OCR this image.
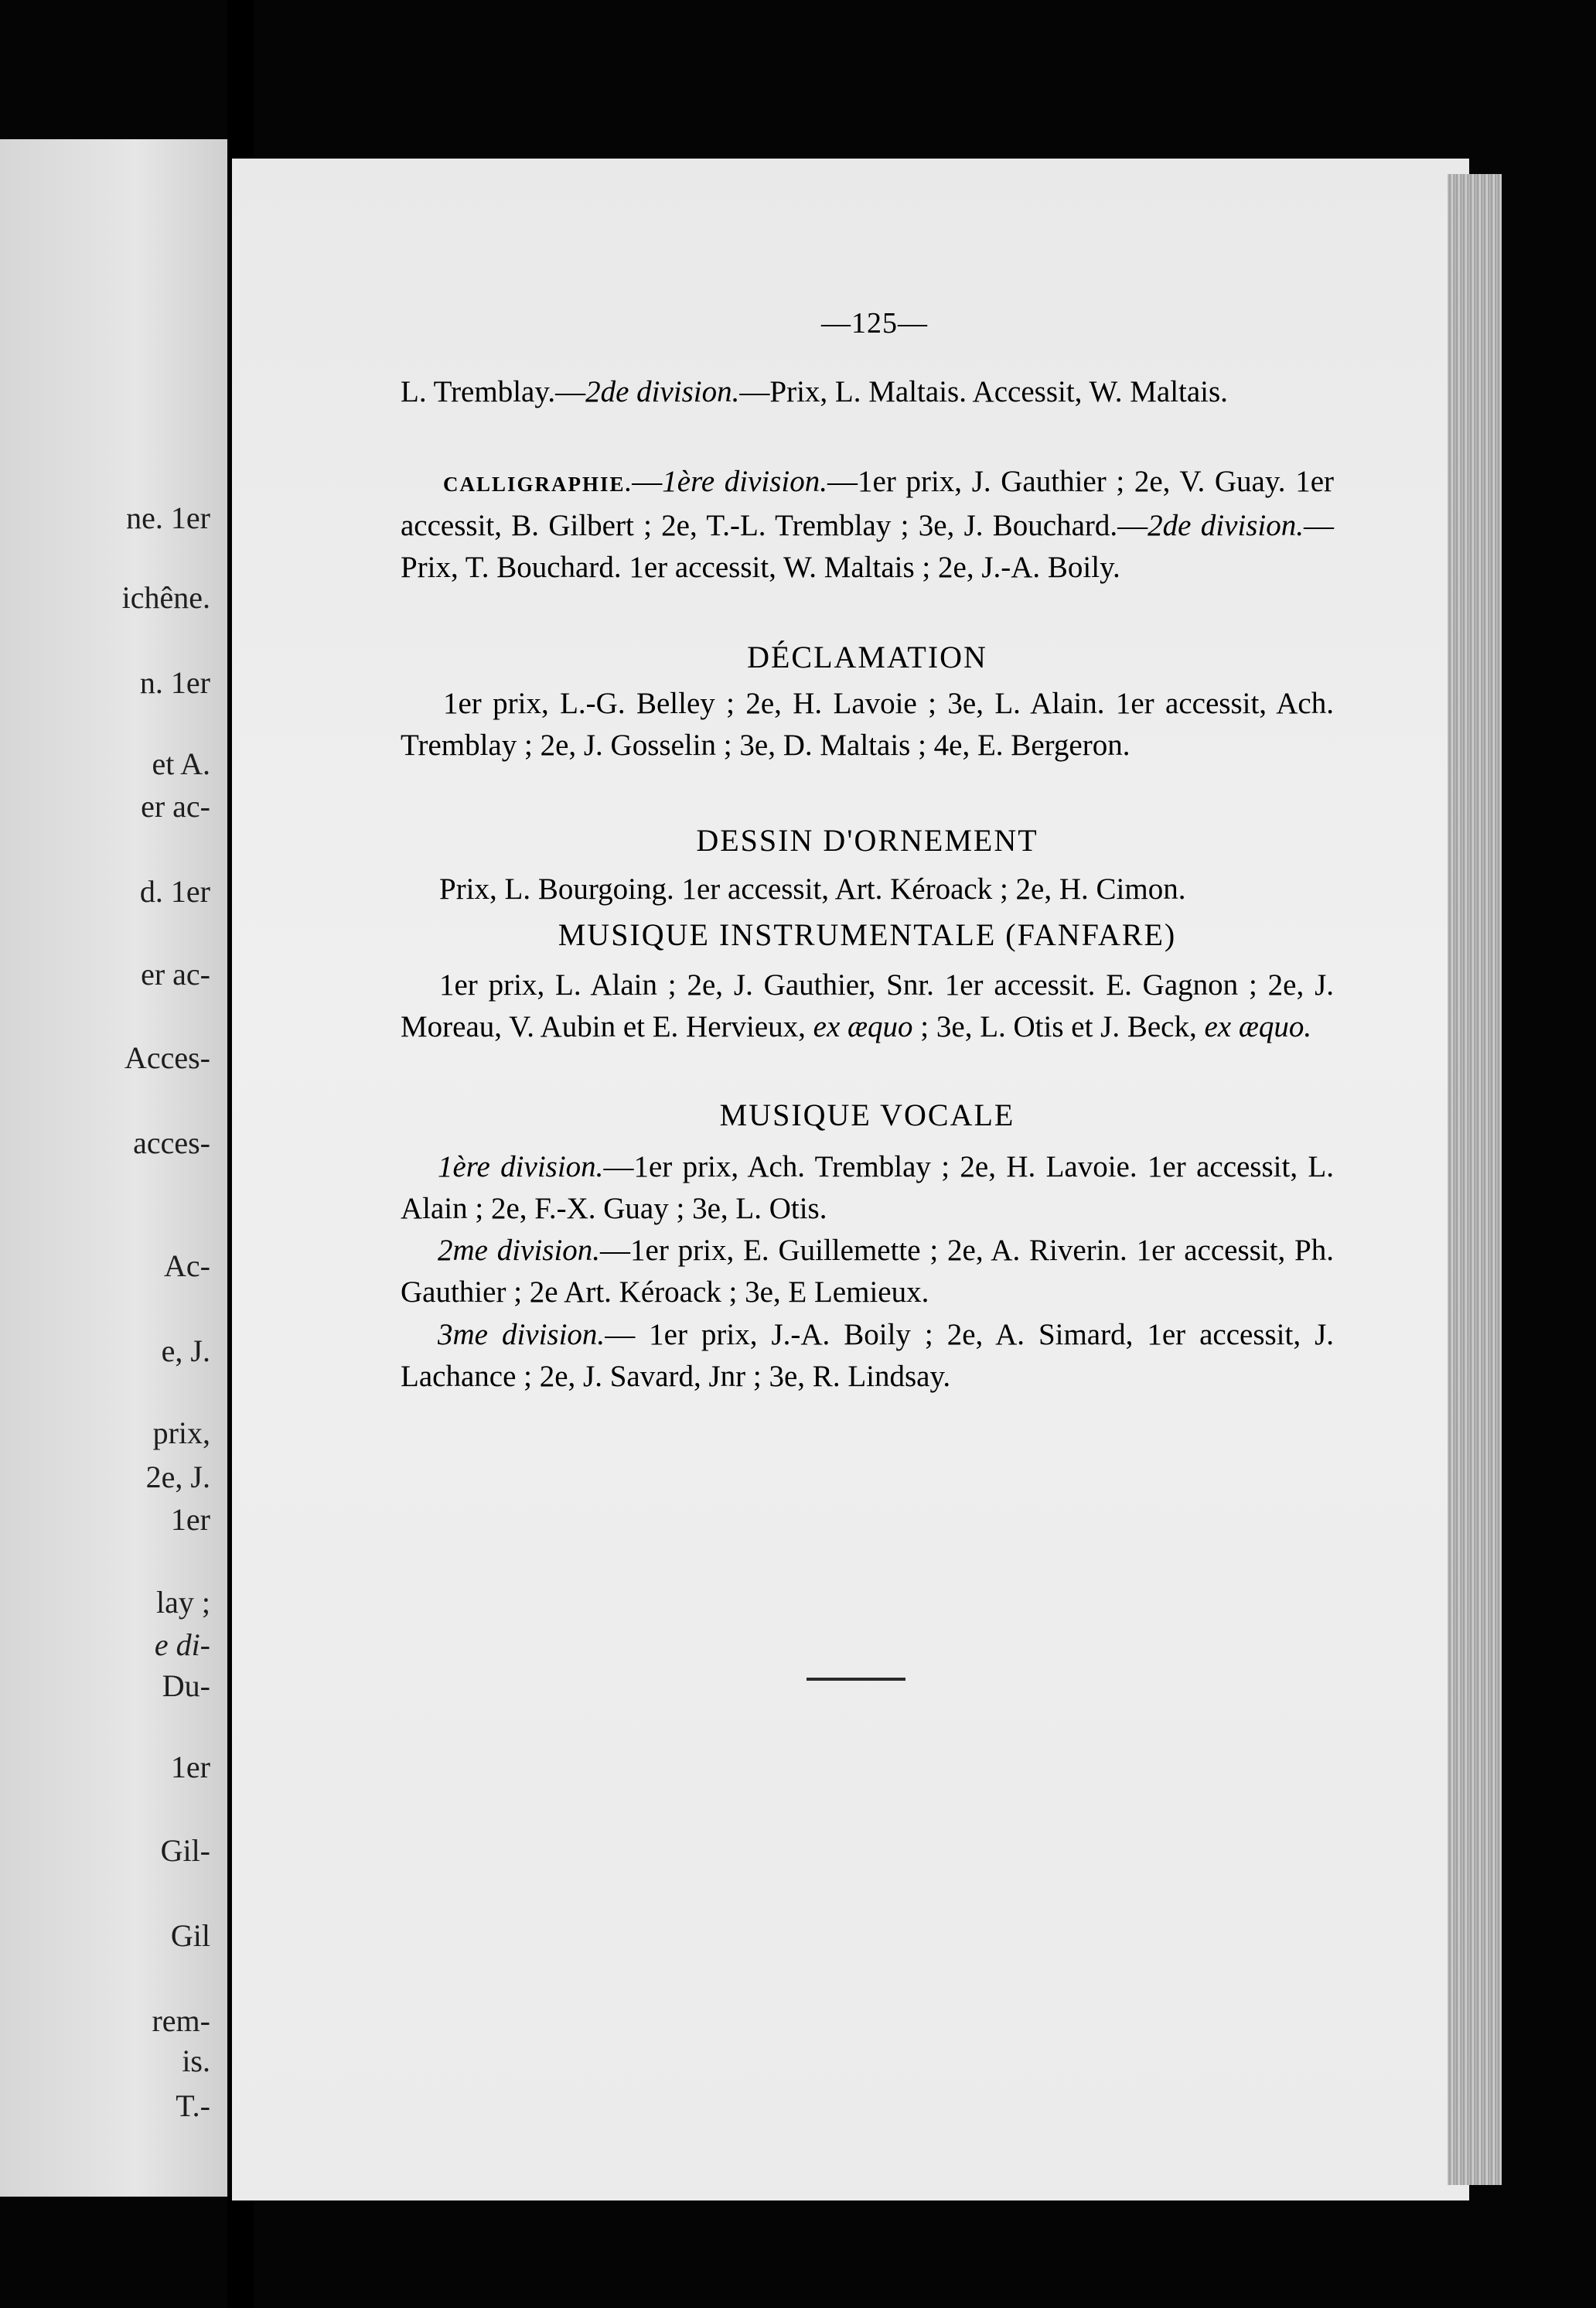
ne. 1er
ichêne.
n. 1er
et A.
er ac-
d. 1er
er ac-
Acces-
acces-
Ac-
e, J.
prix,
2e, J.
1er
lay ;
e di-
Du-
1er
Gil-
Gil
rem-
is.
T.-
—125—
L. Tremblay.—2de division.—Prix, L. Maltais. Accessit, W. Maltais.
CALLIGRAPHIE.—1ère division.—1er prix, J. Gauthier ; 2e, V. Guay. 1er accessit, B. Gilbert ; 2e, T.-L. Tremblay ; 3e, J. Bouchard.—2de division.—Prix, T. Bouchard. 1er accessit, W. Maltais ; 2e, J.-A. Boily.
DÉCLAMATION
1er prix, L.-G. Belley ; 2e, H. Lavoie ; 3e, L. Alain. 1er accessit, Ach. Tremblay ; 2e, J. Gosselin ; 3e, D. Maltais ; 4e, E. Bergeron.
DESSIN D'ORNEMENT
Prix, L. Bourgoing. 1er accessit, Art. Kéroack ; 2e, H. Cimon.
MUSIQUE INSTRUMENTALE (FANFARE)
1er prix, L. Alain ; 2e, J. Gauthier, Snr. 1er accessit. E. Gagnon ; 2e, J. Moreau, V. Aubin et E. Hervieux, ex æquo ; 3e, L. Otis et J. Beck, ex æquo.
MUSIQUE VOCALE
1ère division.—1er prix, Ach. Tremblay ; 2e, H. Lavoie. 1er accessit, L. Alain ; 2e, F.-X. Guay ; 3e, L. Otis.
2me division.—1er prix, E. Guillemette ; 2e, A. Riverin. 1er accessit, Ph. Gauthier ; 2e Art. Kéroack ; 3e, E Lemieux.
3me division.— 1er prix, J.-A. Boily ; 2e, A. Simard, 1er accessit, J. Lachance ; 2e, J. Savard, Jnr ; 3e, R. Lindsay.
